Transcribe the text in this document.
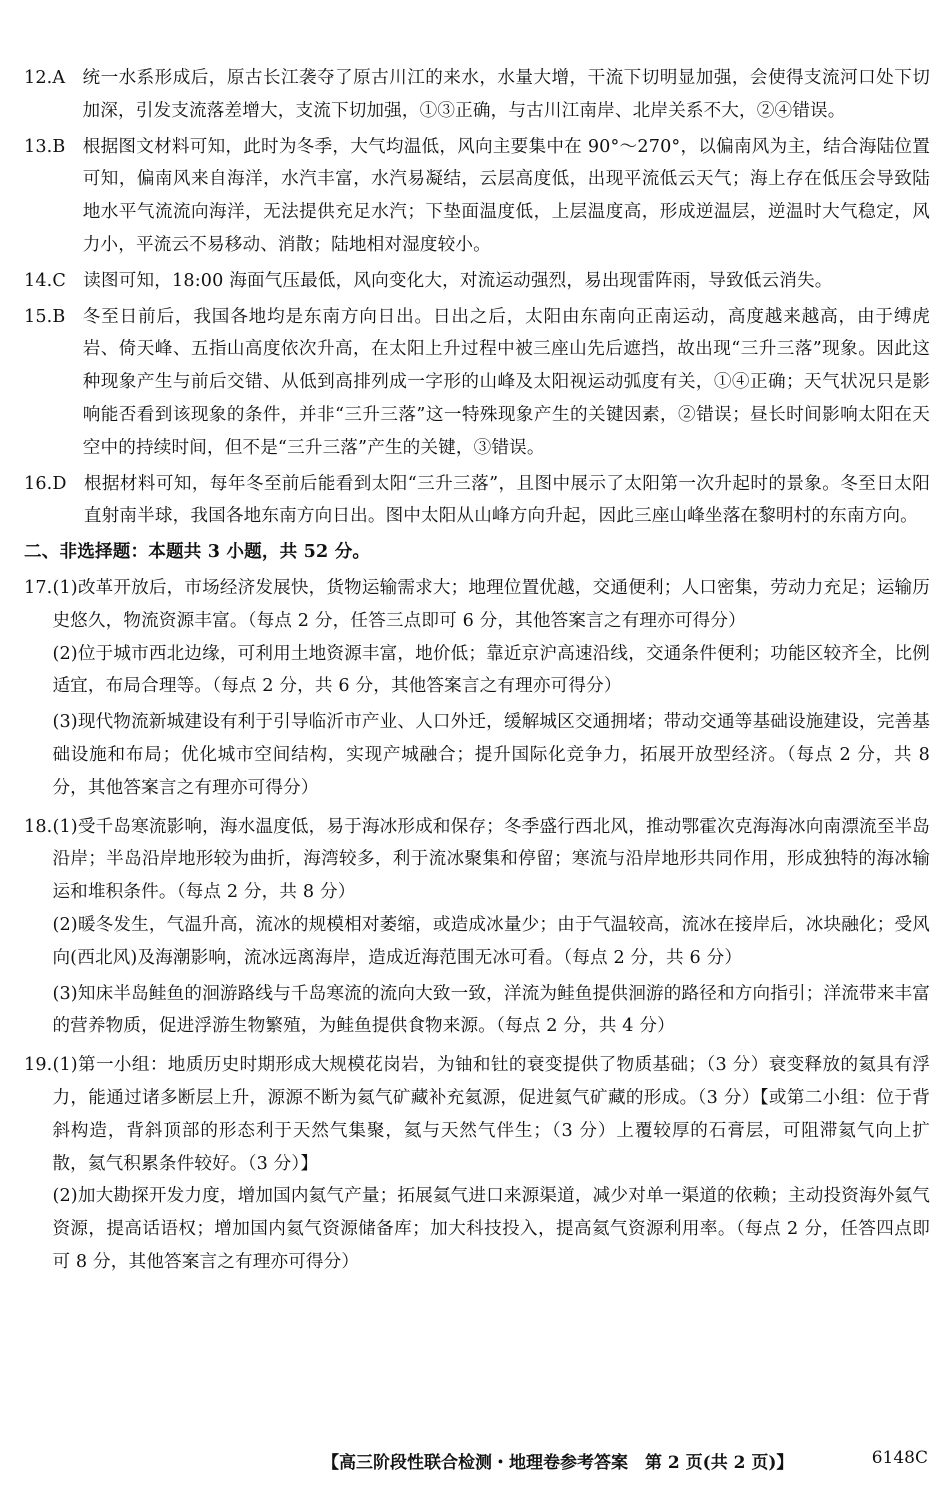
12.A 统一水系形成后，原古长江袭夺了原古川江的来水，水量大增，干流下切明显加强，会使得支流河口处下切加深，引发支流落差增大，支流下切加强，①③正确，与古川江南岸、北岸关系不大，②④错误。
13.B 根据图文材料可知，此时为冬季，大气均温低，风向主要集中在 90°～270°，以偏南风为主，结合海陆位置可知，偏南风来自海洋，水汽丰富，水汽易凝结，云层高度低，出现平流低云天气；海上存在低压会导致陆地水平气流流向海洋，无法提供充足水汽；下垫面温度低，上层温度高，形成逆温层，逆温时大气稳定，风力小，平流云不易移动、消散；陆地相对湿度较小。
14.C 读图可知，18:00 海面气压最低，风向变化大，对流运动强烈，易出现雷阵雨，导致低云消失。
15.B 冬至日前后，我国各地均是东南方向日出。日出之后，太阳由东南向正南运动，高度越来越高，由于缚虎岩、倚天峰、五指山高度依次升高，在太阳上升过程中被三座山先后遮挡，故出现“三升三落”现象。因此这种现象产生与前后交错、从低到高排列成一字形的山峰及太阳视运动弧度有关，①④正确；天气状况只是影响能否看到该现象的条件，并非“三升三落”这一特殊现象产生的关键因素，②错误；昼长时间影响太阳在天空中的持续时间，但不是“三升三落”产生的关键，③错误。
16.D 根据材料可知，每年冬至前后能看到太阳“三升三落”，且图中展示了太阳第一次升起时的景象。冬至日太阳直射南半球，我国各地东南方向日出。图中太阳从山峰方向升起，因此三座山峰坐落在黎明村的东南方向。
二、非选择题：本题共 3 小题，共 52 分。
17. (1)改革开放后，市场经济发展快，货物运输需求大；地理位置优越，交通便利；人口密集，劳动力充足；运输历史悠久，物流资源丰富。（每点 2 分，任答三点即可 6 分，其他答案言之有理亦可得分）
(2)位于城市西北边缘，可利用土地资源丰富，地价低；靠近京沪高速沿线，交通条件便利；功能区较齐全，比例适宜，布局合理等。（每点 2 分，共 6 分，其他答案言之有理亦可得分）
(3)现代物流新城建设有利于引导临沂市产业、人口外迁，缓解城区交通拥堵；带动交通等基础设施建设，完善基础设施和布局；优化城市空间结构，实现产城融合；提升国际化竞争力，拓展开放型经济。（每点 2 分，共 8 分，其他答案言之有理亦可得分）
18. (1)受千岛寒流影响，海水温度低，易于海冰形成和保存；冬季盛行西北风，推动鄂霍次克海海冰向南漂流至半岛沿岸；半岛沿岸地形较为曲折，海湾较多，利于流冰聚集和停留；寒流与沿岸地形共同作用，形成独特的海冰输运和堆积条件。（每点 2 分，共 8 分）
(2)暖冬发生，气温升高，流冰的规模相对萎缩，或造成冰量少；由于气温较高，流冰在接岸后，冰块融化；受风向(西北风)及海潮影响，流冰远离海岸，造成近海范围无冰可看。（每点 2 分，共 6 分）
(3)知床半岛鲑鱼的洄游路线与千岛寒流的流向大致一致，洋流为鲑鱼提供洄游的路径和方向指引；洋流带来丰富的营养物质，促进浮游生物繁殖，为鲑鱼提供食物来源。（每点 2 分，共 4 分）
19. (1)第一小组：地质历史时期形成大规模花岗岩，为铀和钍的衰变提供了物质基础；（3 分）衰变释放的氦具有浮力，能通过诸多断层上升，源源不断为氦气矿藏补充氦源，促进氦气矿藏的形成。（3 分）【或第二小组：位于背斜构造，背斜顶部的形态利于天然气集聚，氦与天然气伴生；（3 分）上覆较厚的石膏层，可阻滞氦气向上扩散，氦气积累条件较好。（3 分）】
(2)加大勘探开发力度，增加国内氦气产量；拓展氦气进口来源渠道，减少对单一渠道的依赖；主动投资海外氦气资源，提高话语权；增加国内氦气资源储备库；加大科技投入，提高氦气资源利用率。（每点 2 分，任答四点即可 8 分，其他答案言之有理亦可得分）
【高三阶段性联合检测・地理卷参考答案　第 2 页(共 2 页)】	6148C
